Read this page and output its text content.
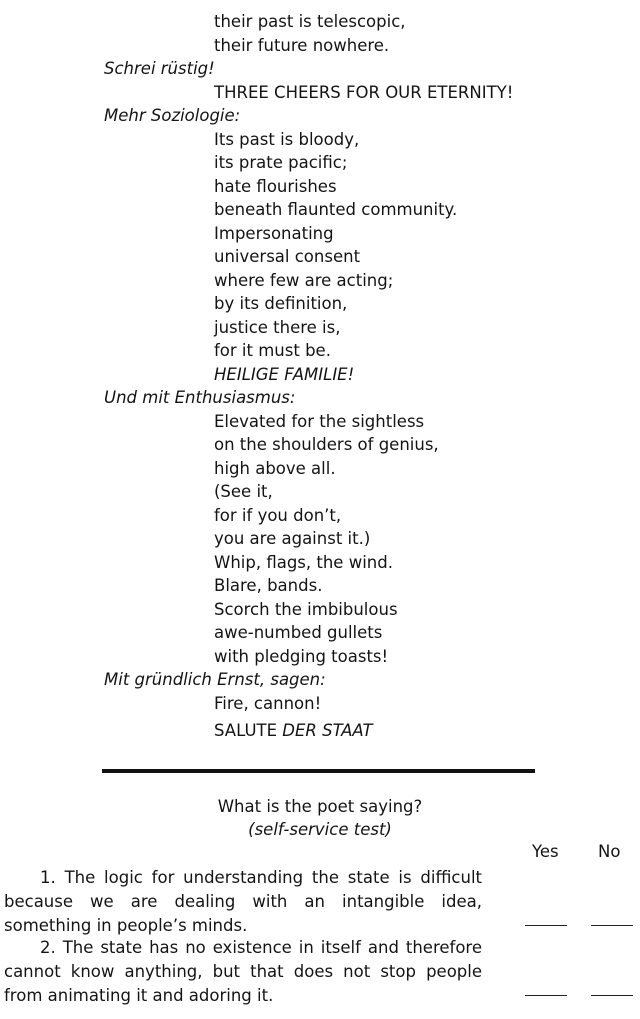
their past is telescopic,
their future nowhere.
Schrei rüstig!
THREE CHEERS FOR OUR ETERNITY!
Mehr Soziologie:
Its past is bloody,
its prate pacific;
hate flourishes
beneath flaunted community.
Impersonating
universal consent
where few are acting;
by its definition,
justice there is,
for it must be.
HEILIGE FAMILIE!
Und mit Enthusiasmus:
Elevated for the sightless
on the shoulders of genius,
high above all.
(See it,
for if you don’t,
you are against it.)
Whip, flags, the wind.
Blare, bands.
Scorch the imbibulous
awe-numbed gullets
with pledging toasts!
Mit gründlich Ernst, sagen:
Fire, cannon!
SALUTE DER STAAT
What is the poet saying?
(self-service test)
Yes No
1. The logic for understanding the state is difficult because we are dealing with an intangible idea, something in people’s minds.
2. The state has no existence in itself and therefore cannot know anything, but that does not stop people from animating it and adoring it.
